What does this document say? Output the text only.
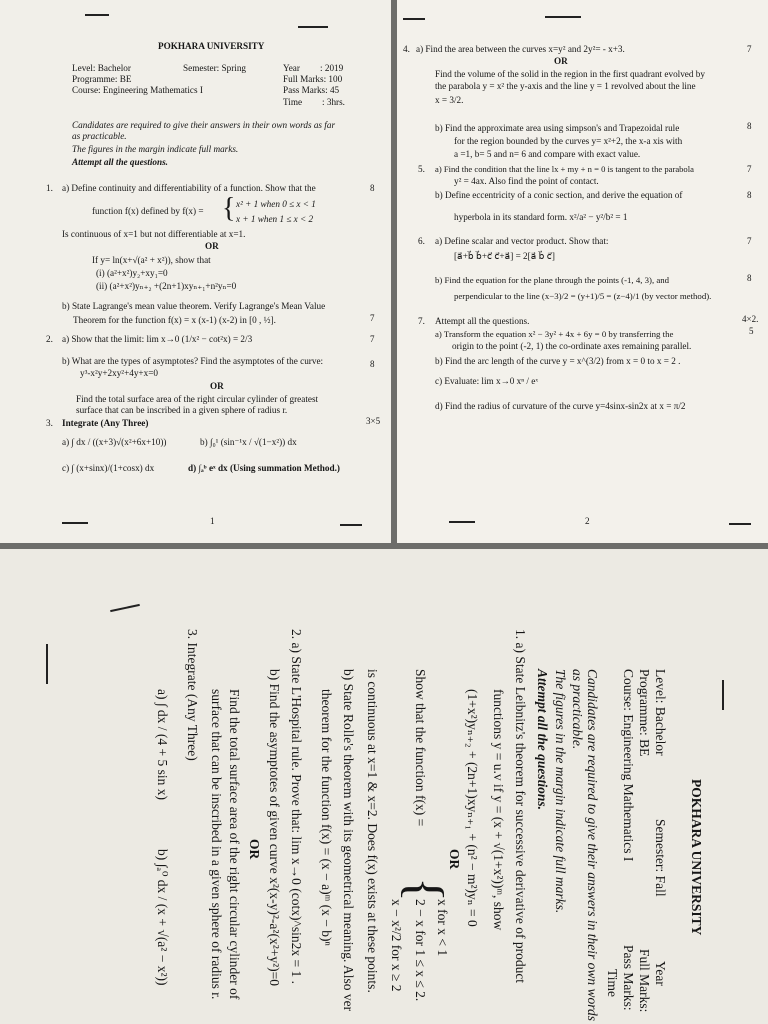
POKHARA UNIVERSITY
Level: Bachelor	Semester: Spring	Year : 2019
Programme: BE	Full Marks: 100
Course: Engineering Mathematics I	Pass Marks: 45
Time : 3hrs.
Candidates are required to give their answers in their own words as far
as practicable.
The figures in the margin indicate full marks.
Attempt all the questions.
1. a) Define continuity and differentiability of a function. Show that the	8
function f(x) defined by f(x) = { x² + 1 when 0 ≤ x < 1
x + 1 when 1 ≤ x < 2
Is continuous of x=1 but not differentiable at x=1.
OR
If y= ln(x+√(a² + x²)), show that
(i) (a²+x²)y₂+xy₁=0
(ii) (a²+x²)yₙ₊₂ +(2n+1)xyₙ₊₁+n²yₙ=0
b) State Lagrange's mean value theorem. Verify Lagrange's Mean Value
Theorem for the function f(x) = x (x-1) (x-2) in [0 , ½].	7
2. a) Show that the limit: lim x→0 (1/x² − cot²x) = 2/3	7
b) What are the types of asymptotes? Find the asymptotes of the curve:
y³-x²y+2xy²+4y+x=0
8
OR
Find the total surface area of the right circular cylinder of greatest
surface that can be inscribed in a given sphere of radius r.
3. Integrate (Any Three)	3×5
a) ∫ dx / ((x+3)√(x²+6x+10))	b) ∫₀¹ (sin⁻¹x / √(1−x²)) dx
c) ∫ (x+sinx)/(1+cosx) dx	d) ∫ₐᵇ eˣ dx (Using summation Method.)
1
4. a) Find the area between the curves x=y² and 2y²= - x+3.	7
OR
Find the volume of the solid in the region in the first quadrant evolved by
the parabola y = x² the y-axis and the line y = 1 revolved about the line
x = 3/2.
b) Find the approximate area using simpson's and Trapezoidal rule
for the region bounded by the curves y= x²+2, the x-a xis with
a =1, b= 5 and n= 6 and compare with exact value.
8
5. a) Find the condition that the line lx + my + n = 0 is tangent to the parabola
y² = 4ax. Also find the point of contact.
7
b) Define eccentricity of a conic section, and derive the equation of
hyperbola in its standard form. x²/a² − y²/b² = 1
8
6. a) Define scalar and vector product. Show that:
[a⃗+b⃗ b⃗+c⃗ c⃗+a⃗] = 2[a⃗ b⃗ c⃗]
7
b) Find the equation for the plane through the points (-1, 4, 3), and
perpendicular to the line (x−3)/2 = (y+1)/5 = (z−4)/1 (by vector method).
8
7. Attempt all the questions.	4×2.
5
a) Transform the equation x² − 3y² + 4x + 6y = 0 by transferring the
origin to the point (-2, 1) the co-ordinate axes remaining parallel.
b) Find the arc length of the curve y = x^(3/2) from x = 0 to x = 2 .
c) Evaluate: lim x→0 xⁿ / eˣ
d) Find the radius of curvature of the curve y=4sinx-sin2x at x = π/2
2
POKHARA UNIVERSITY
Level: Bachelor
Semester: Fall
Year
Programme: BE
Full Marks:
Course: Engineering Mathematics I
Pass Marks:
Time
Candidates are required to give their answers in their own words
as practicable.
The figures in the margin indicate full marks.
Attempt all the questions.
1. a) State Leibnitz's theorem for successive derivative of product
functions y = u.v if y = (x + √(1+x²))ᵐ, show
(1+x²)yₙ₊₂ + (2n+1)xyₙ₊₁ + (n² − m²)yₙ = 0
OR
Show that the function f(x) =
{
x for x < 1
2 − x for 1 ≤ x ≤ 2.
x − x²/2 for x ≥ 2
is continuous at x=1 & x=2. Does f(x) exists at these points.
b) State Rolle's theorem with its geometrical meaning. Also ver
theorem for the function f(x) = (x − a)ᵐ (x − b)ⁿ
2. a) State L'Hospital rule. Prove that: lim x→0 (cotx)^sin2x = 1 .
b) Find the asymptotes of given curve x²(x-y)²-a²(x²+y²)=0
OR
Find the total surface area of the right circular cylinder of
surface that can be inscribed in a given sphere of radius r.
3. Integrate (Any Three)
a) ∫ dx / (4 + 5 sin x)
b) ∫ₐ⁰ dx / (x + √(a² − x²))
